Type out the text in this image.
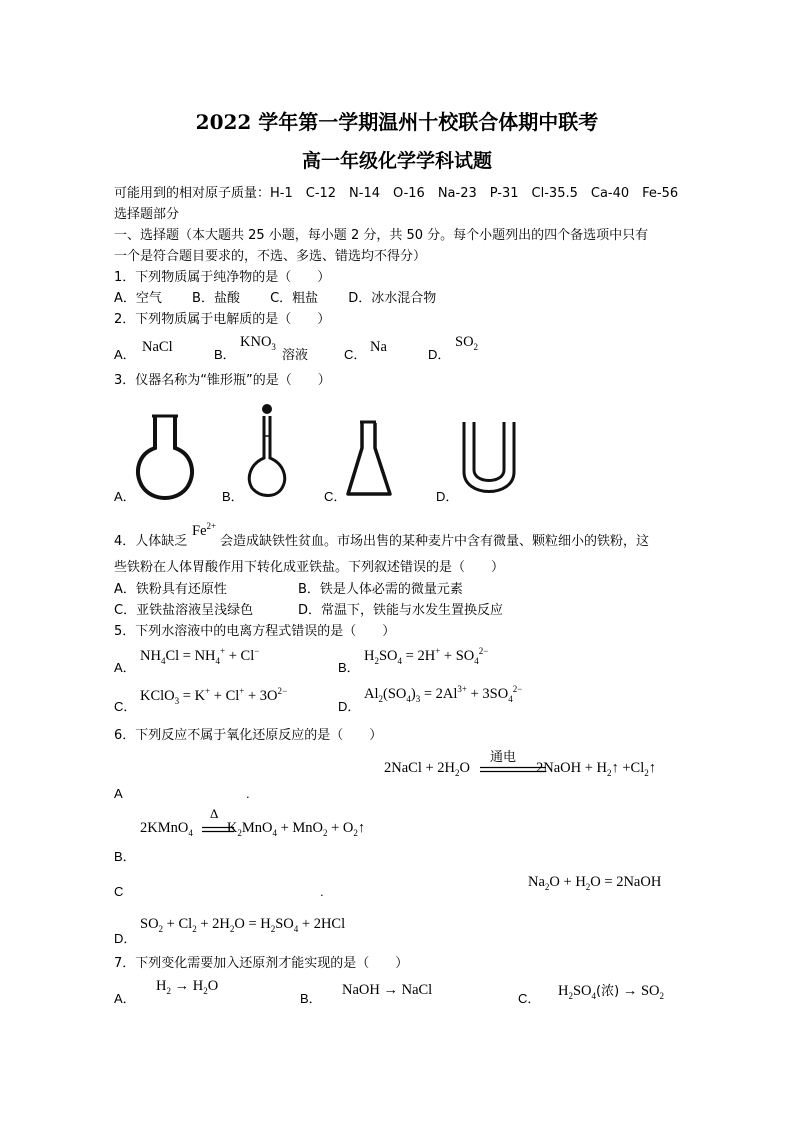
2022 学年第一学期温州十校联合体期中联考
高一年级化学学科试题
可能用到的相对原子质量：H-1　C-12　N-14　O-16　Na-23　P-31　Cl-35.5　Ca-40　Fe-56
选择题部分
一、选择题（本大题共 25 小题，每小题 2 分，共 50 分。每个小题列出的四个备选项中只有
一个是符合题目要求的，不选、多选、错选均不得分）
1．下列物质属于纯净物的是（　　）
A．空气　　 B．盐酸　　 C．粗盐　　 D．冰水混合物
2．下列物质属于电解质的是（　　）
A． NaCl	B．
$KNO_3$
溶液	C． Na	D．
$SO_2$
3．仪器名称为“锥形瓶”的是（　　）
A．	B．	C．	D．
4．人体缺乏
$Fe^{2+}$
会造成缺铁性贫血。市场出售的某种麦片中含有微量、颗粒细小的铁粉，这
些铁粉在人体胃酸作用下转化成亚铁盐。下列叙述错误的是（　　）
A．铁粉具有还原性	B．铁是人体必需的微量元素
C．亚铁盐溶液呈浅绿色	D．常温下，铁能与水发生置换反应
5．下列水溶液中的电离方程式错误的是（　　）
A．
$NH_4Cl = NH_4^+ + Cl^-$
B．
$H_2SO_4 = 2H^+ + SO_4^{2-}$
C．
KClO$_3$ = $K^+ + Cl^+ + 3O^{2-}$
D．
$Al_2(SO_4)_3 = 2Al^{3+} + 3SO_4^{2-}$
6．下列反应不属于氧化还原反应的是（　　）
2NaCl + $2H_2O$	2NaOH + $H_2↑$ $+Cl_2↑$
通电
A	.
2KMnO$_4$ $K_2MnO_4 + MnO_2$ + $O_2↑$
Δ
B．
$Na_2O + H_2O$ = 2NaOH
C	.
D．
$SO_2 + Cl_2 + 2H_2O = H_2SO_4 + 2HCl$
7．下列变化需要加入还原剂才能实现的是（　　）
A．
$H_2 \to H_2O$
B．
NaOH → NaCl
C． $H_2SO_4$(浓) → $SO_2$
